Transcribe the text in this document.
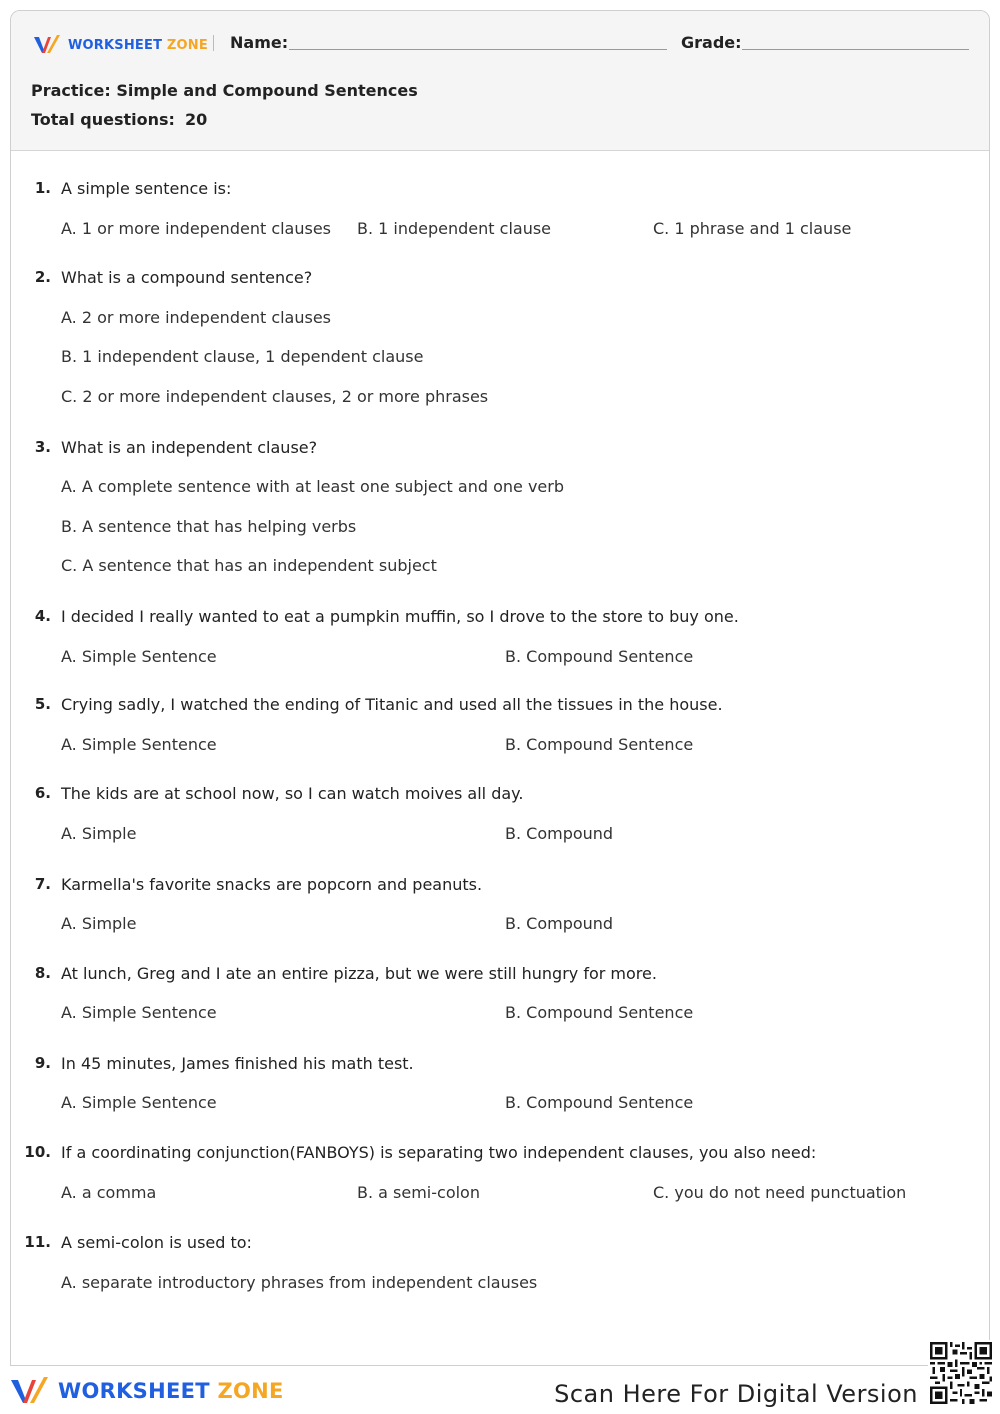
WORKSHEET ZONE Name:	Grade:
Practice: Simple and Compound Sentences
Total questions: 20
1. A simple sentence is:
A. 1 or more independent clauses B. 1 independent clause	C. 1 phrase and 1 clause
2. What is a compound sentence?
A. 2 or more independent clauses
B. 1 independent clause, 1 dependent clause
C. 2 or more independent clauses, 2 or more phrases
3. What is an independent clause?
A. A complete sentence with at least one subject and one verb
B. A sentence that has helping verbs
C. A sentence that has an independent subject
4. I decided I really wanted to eat a pumpkin muffin, so I drove to the store to buy one.
A. Simple Sentence	B. Compound Sentence
5. Crying sadly, I watched the ending of Titanic and used all the tissues in the house.
A. Simple Sentence	B. Compound Sentence
6. The kids are at school now, so I can watch moives all day.
A. Simple	B. Compound
7. Karmella's favorite snacks are popcorn and peanuts.
A. Simple	B. Compound
8. At lunch, Greg and I ate an entire pizza, but we were still hungry for more.
A. Simple Sentence	B. Compound Sentence
9. In 45 minutes, James finished his math test.
A. Simple Sentence	B. Compound Sentence
10. If a coordinating conjunction(FANBOYS) is separating two independent clauses, you also need:
A. a comma	B. a semi-colon	C. you do not need punctuation
11. A semi-colon is used to:
A. separate introductory phrases from independent clauses
WORKSHEET ZONE	Scan Here For Digital Version
